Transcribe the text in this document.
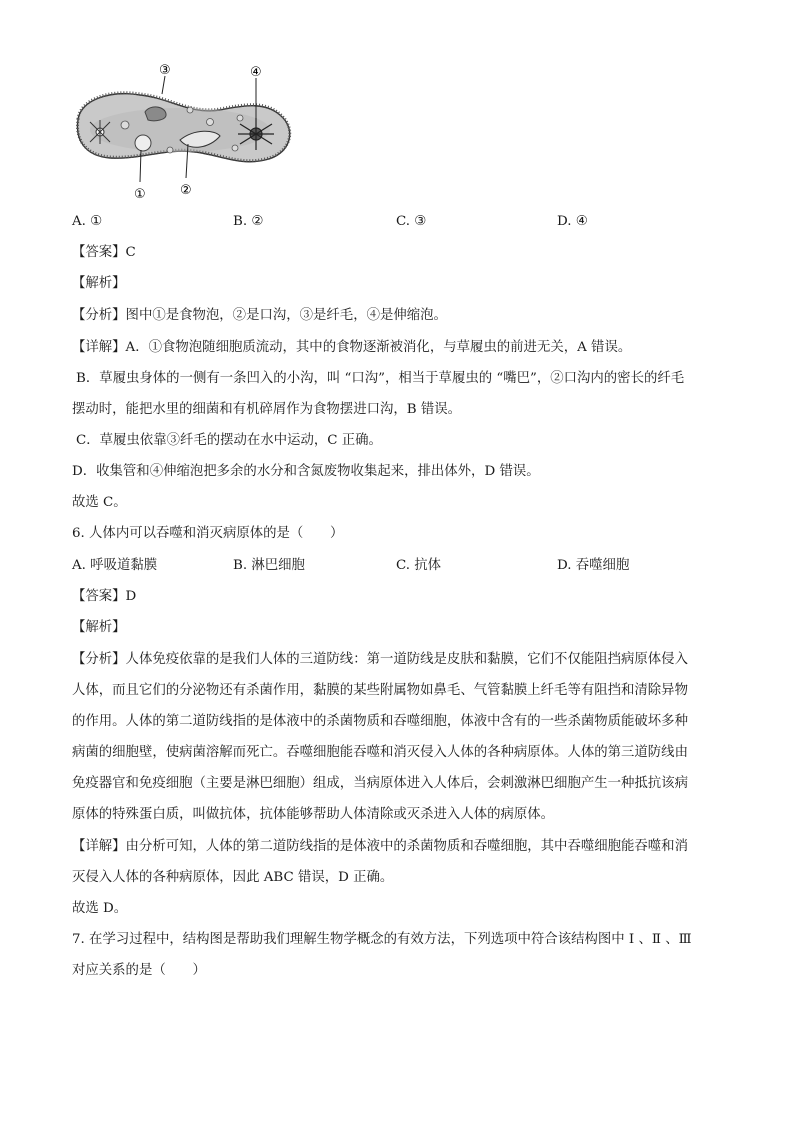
③	④
①	②
A. ①	B. ②	C. ③	D. ④
【答案】C
【解析】
【分析】图中①是食物泡，②是口沟，③是纤毛，④是伸缩泡。
【详解】A．①食物泡随细胞质流动，其中的食物逐渐被消化，与草履虫的前进无关，A 错误。
B．草履虫身体的一侧有一条凹入的小沟，叫 “口沟”，相当于草履虫的 “嘴巴”，②口沟内的密长的纤毛
摆动时，能把水里的细菌和有机碎屑作为食物摆进口沟，B 错误。
C．草履虫依靠③纤毛的摆动在水中运动，C 正确。
D．收集管和④伸缩泡把多余的水分和含氮废物收集起来，排出体外，D 错误。
故选 C。
6. 人体内可以吞噬和消灭病原体的是（　　）
A. 呼吸道黏膜	B. 淋巴细胞	C. 抗体	D. 吞噬细胞
【答案】D
【解析】
【分析】人体免疫依靠的是我们人体的三道防线：第一道防线是皮肤和黏膜，它们不仅能阻挡病原体侵入
人体，而且它们的分泌物还有杀菌作用，黏膜的某些附属物如鼻毛、气管黏膜上纤毛等有阻挡和清除异物
的作用。人体的第二道防线指的是体液中的杀菌物质和吞噬细胞，体液中含有的一些杀菌物质能破坏多种
病菌的细胞壁，使病菌溶解而死亡。吞噬细胞能吞噬和消灭侵入人体的各种病原体。人体的第三道防线由
免疫器官和免疫细胞（主要是淋巴细胞）组成，当病原体进入人体后，会刺激淋巴细胞产生一种抵抗该病
原体的特殊蛋白质，叫做抗体，抗体能够帮助人体清除或灭杀进入人体的病原体。
【详解】由分析可知，人体的第二道防线指的是体液中的杀菌物质和吞噬细胞，其中吞噬细胞能吞噬和消
灭侵入人体的各种病原体，因此 ABC 错误，D 正确。
故选 D。
7. 在学习过程中，结构图是帮助我们理解生物学概念的有效方法，下列选项中符合该结构图中 Ⅰ 、Ⅱ 、Ⅲ
对应关系的是（　　）
